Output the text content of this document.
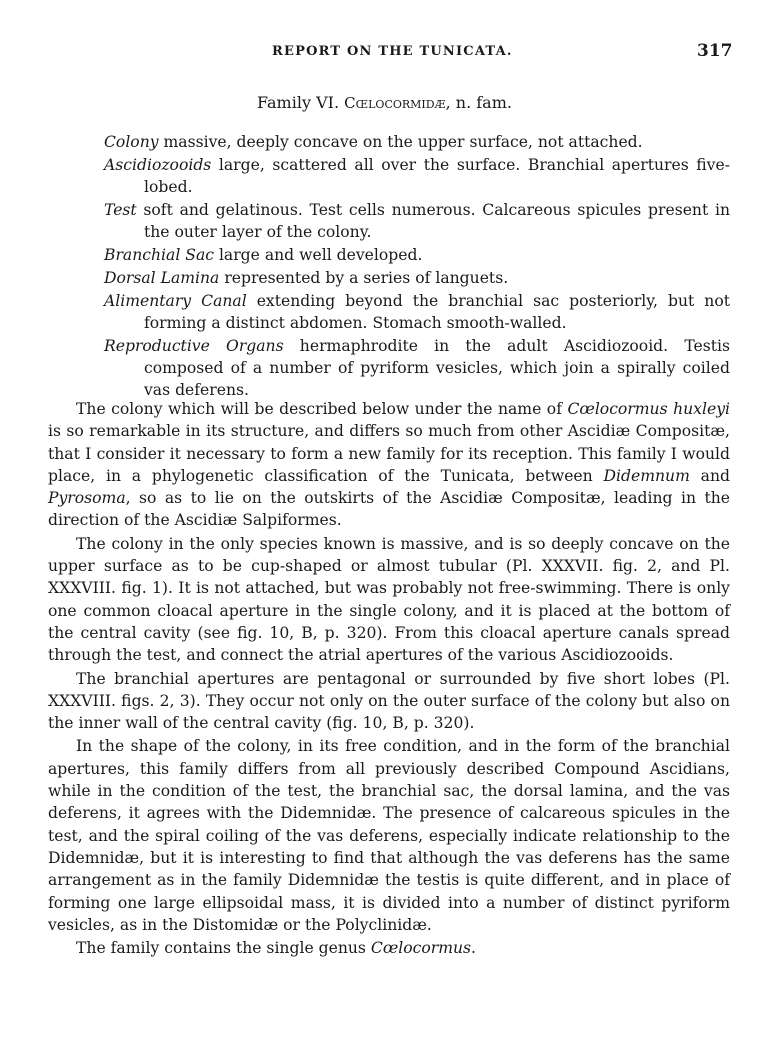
REPORT ON THE TUNICATA.	317
Family VI. Cœlocormidæ, n. fam.
Colony massive, deeply concave on the upper surface, not attached.
Ascidiozooids large, scattered all over the surface. Branchial apertures five-lobed.
Test soft and gelatinous. Test cells numerous. Calcareous spicules present in the outer layer of the colony.
Branchial Sac large and well developed.
Dorsal Lamina represented by a series of languets.
Alimentary Canal extending beyond the branchial sac posteriorly, but not forming a distinct abdomen. Stomach smooth-walled.
Reproductive Organs hermaphrodite in the adult Ascidiozooid. Testis composed of a number of pyriform vesicles, which join a spirally coiled vas deferens.

The colony which will be described below under the name of Cœlocormus huxleyi is so remarkable in its structure, and differs so much from other Ascidiæ Compositæ, that I consider it necessary to form a new family for its reception. This family I would place, in a phylogenetic classification of the Tunicata, between Didemnum and Pyrosoma, so as to lie on the outskirts of the Ascidiæ Compositæ, leading in the direction of the Ascidiæ Salpiformes.

The colony in the only species known is massive, and is so deeply concave on the upper surface as to be cup-shaped or almost tubular (Pl. XXXVII. fig. 2, and Pl. XXXVIII. fig. 1). It is not attached, but was probably not free-swimming. There is only one common cloacal aperture in the single colony, and it is placed at the bottom of the central cavity (see fig. 10, B, p. 320). From this cloacal aperture canals spread through the test, and connect the atrial apertures of the various Ascidiozooids.

The branchial apertures are pentagonal or surrounded by five short lobes (Pl. XXXVIII. figs. 2, 3). They occur not only on the outer surface of the colony but also on the inner wall of the central cavity (fig. 10, B, p. 320).

In the shape of the colony, in its free condition, and in the form of the branchial apertures, this family differs from all previously described Compound Ascidians, while in the condition of the test, the branchial sac, the dorsal lamina, and the vas deferens, it agrees with the Didemnidæ. The presence of calcareous spicules in the test, and the spiral coiling of the vas deferens, especially indicate relationship to the Didemnidæ, but it is interesting to find that although the vas deferens has the same arrangement as in the family Didemnidæ the testis is quite different, and in place of forming one large ellipsoidal mass, it is divided into a number of distinct pyriform vesicles, as in the Distomidæ or the Polyclinidæ.

The family contains the single genus Cœlocormus.
